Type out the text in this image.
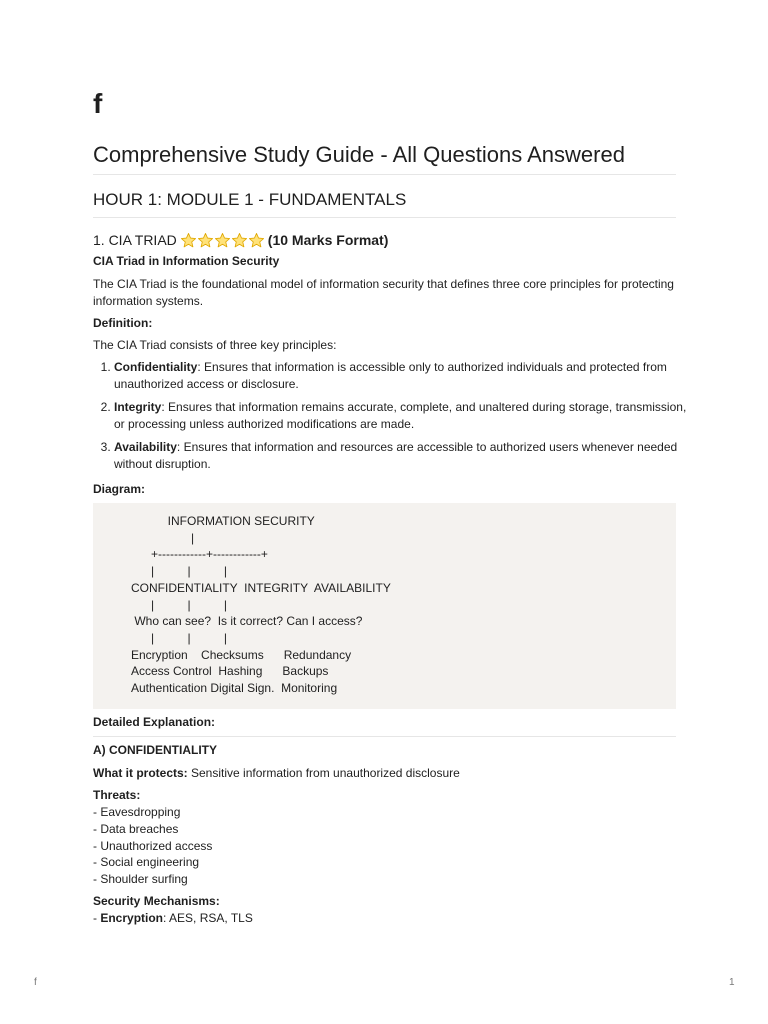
f
Comprehensive Study Guide - All Questions Answered
HOUR 1: MODULE 1 - FUNDAMENTALS
1. CIA TRIAD	(10 Marks Format)

CIA Triad in Information Security

The CIA Triad is the foundational model of information security that defines three core principles for protecting information systems.

Definition:

The CIA Triad consists of three key principles:

1. Confidentiality: Ensures that information is accessible only to authorized individuals and protected from unauthorized access or disclosure.
2. Integrity: Ensures that information remains accurate, complete, and unaltered during storage, transmission, or processing unless authorized modifications are made.
3. Availability: Ensures that information and resources are accessible to authorized users whenever needed without disruption.

Diagram:

INFORMATION SECURITY
|
+------------+------------+
|          |          |
CONFIDENTIALITY  INTEGRITY  AVAILABILITY
|          |          |
Who can see?  Is it correct? Can I access?
|          |          |
Encryption    Checksums      Redundancy
Access Control  Hashing      Backups
Authentication Digital Sign.  Monitoring

Detailed Explanation:

A) CONFIDENTIALITY

What it protects: Sensitive information from unauthorized disclosure

Threats:

- Eavesdropping
- Data breaches
- Unauthorized access
- Social engineering
- Shoulder surfing

Security Mechanisms:

- Encryption: AES, RSA, TLS

f	1
